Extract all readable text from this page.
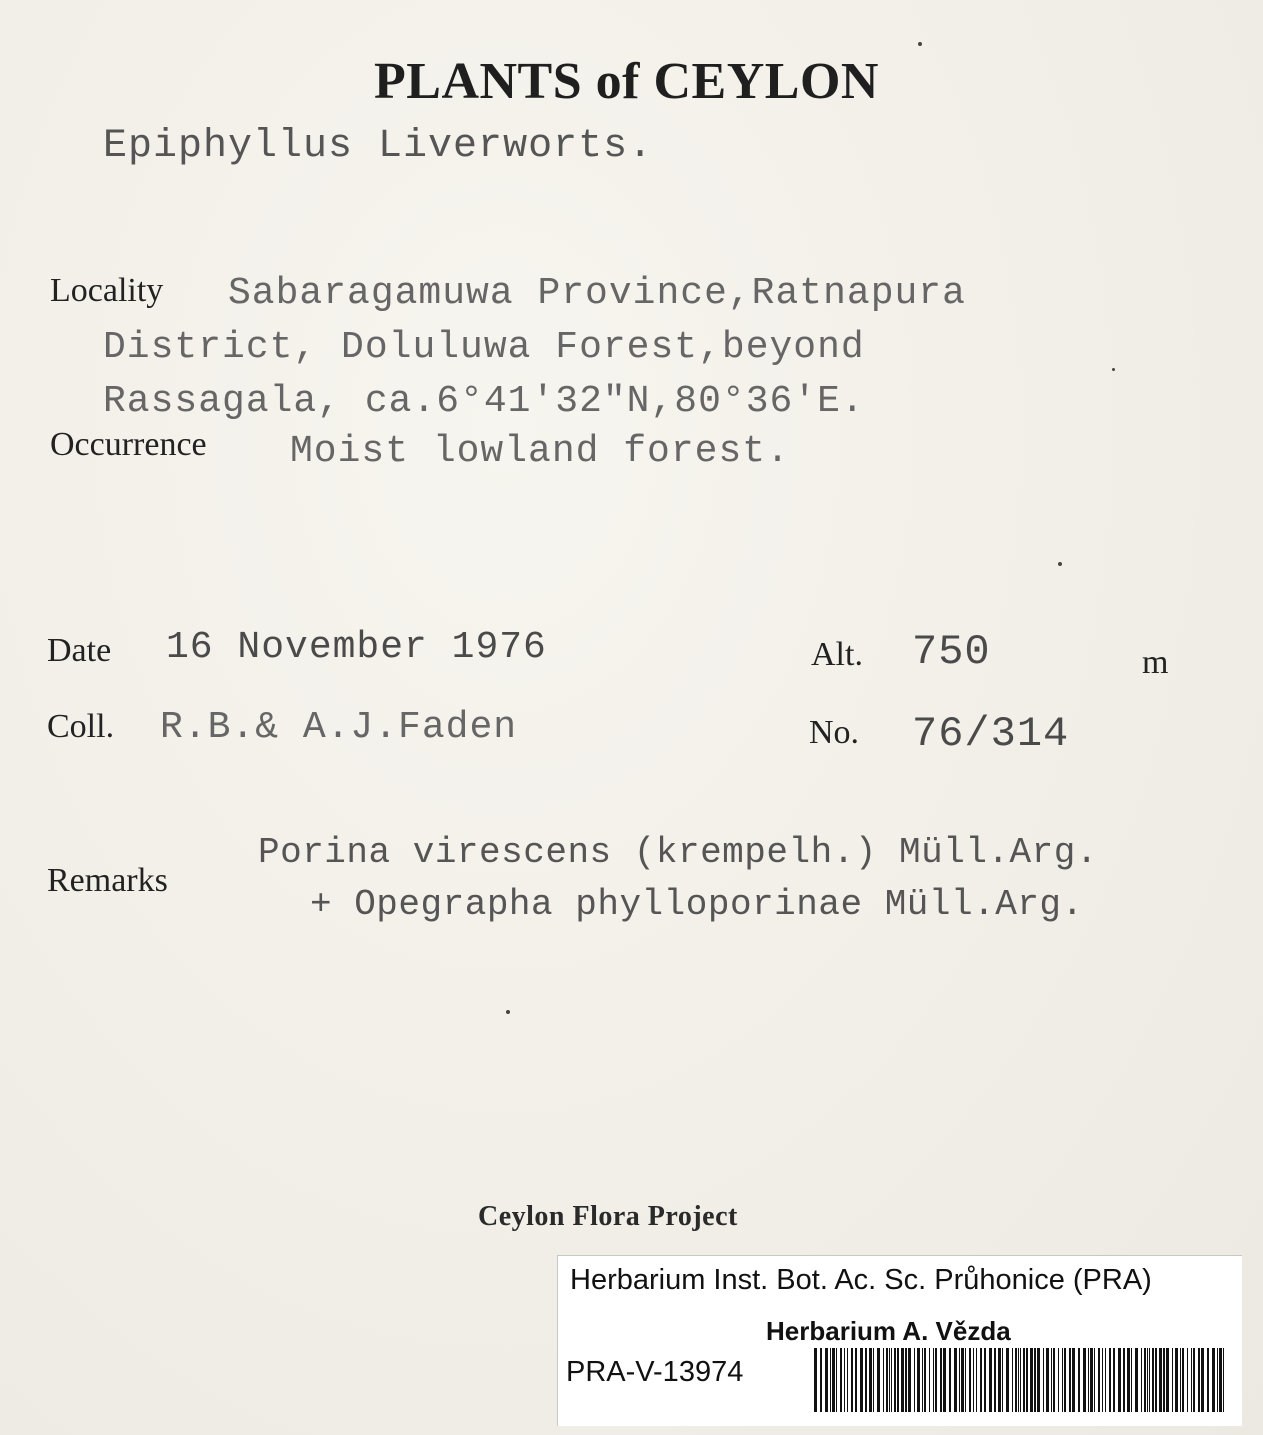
PLANTS of CEYLON
Epiphyllus Liverworts.
Locality Sabaragamuwa Province,Ratnapura
District, Doluluwa Forest,beyond
Rassagala, ca.6°41'32"N,80°36'E.
Occurrence Moist lowland forest.
Date 16 November 1976	Alt. 750	m
Coll. R.B.& A.J.Faden	No. 76/314
Remarks
Porina virescens (krempelh.) Müll.Arg.
+ Opegrapha phylloporinae Müll.Arg.
Ceylon Flora Project
Herbarium Inst. Bot. Ac. Sc. Průhonice (PRA)
Herbarium A. Vězda
PRA-V-13974
